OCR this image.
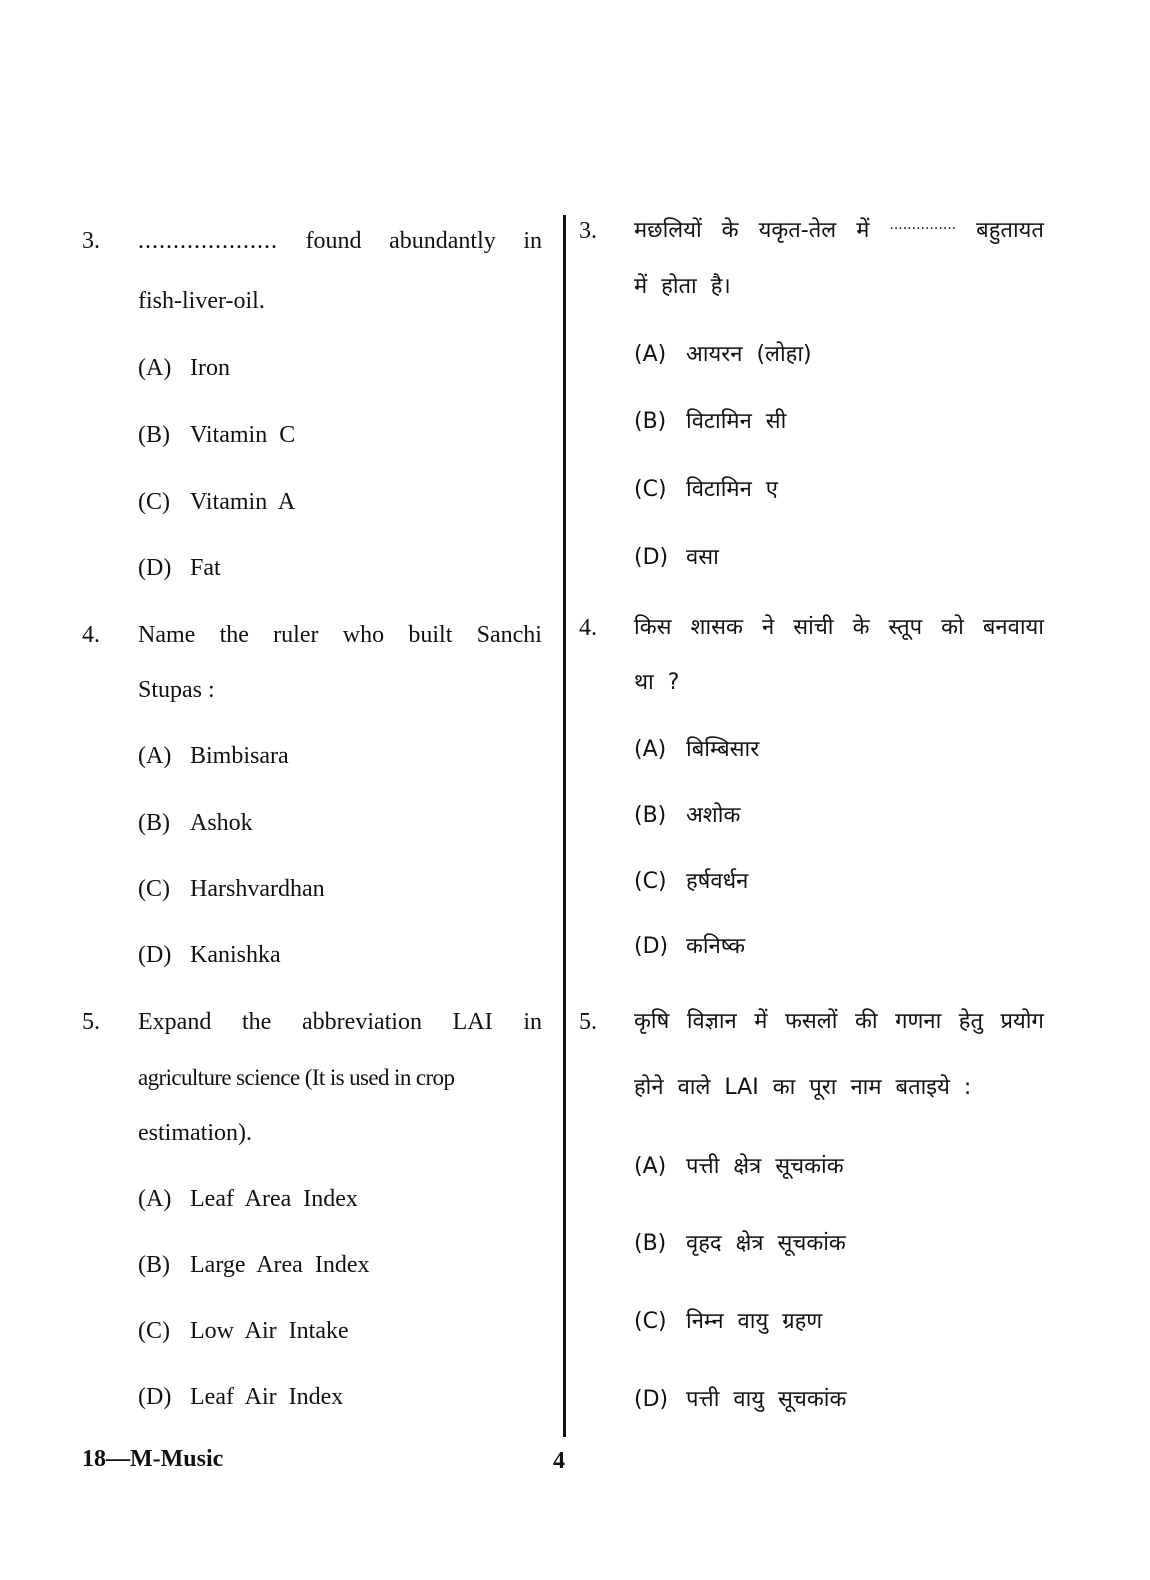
3. .................... found abundantly in
fish-liver-oil.
(A) Iron
(B) Vitamin  C
(C) Vitamin  A
(D) Fat
4. Name the ruler who built Sanchi
Stupas :
(A) Bimbisara
(B) Ashok
(C) Harshvardhan
(D) Kanishka
5. Expand the abbreviation LAI in
agriculture science (It is used in crop
estimation).
(A) Leaf  Area  Index
(B) Large  Area  Index
(C) Low  Air  Intake
(D) Leaf  Air  Index
3. मछलियों के यकृत-तेल में ............... बहुतायत
में  होता  है।
(A) आयरन  (लोहा)
(B) विटामिन  सी
(C) विटामिन  ए
(D) वसा
4. किस शासक ने सांची के स्तूप को बनवाया
था  ?
(A) बिम्बिसार
(B) अशोक
(C) हर्षवर्धन
(D) कनिष्क
5. कृषि विज्ञान में फसलों की गणना हेतु प्रयोग
होने  वाले  LAI  का  पूरा  नाम  बताइये  :
(A) पत्ती  क्षेत्र  सूचकांक
(B) वृहद  क्षेत्र  सूचकांक
(C) निम्न  वायु  ग्रहण
(D) पत्ती  वायु  सूचकांक
18—M-Music	4
